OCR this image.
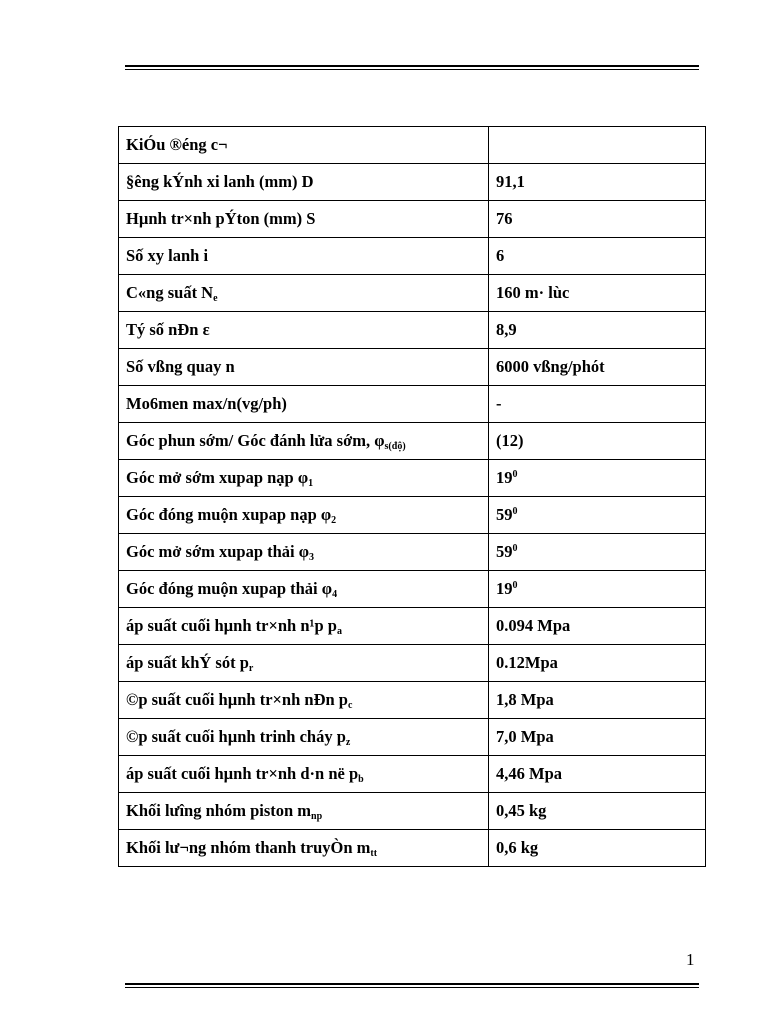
KiÓu ®éng c¬	
§êng kÝnh xi lanh (mm) D	91,1
Hµnh tr×nh pÝton (mm) S	76
Số xy lanh i	6
C«ng suất $N_e$	160 m· lùc
Tý số nÐn ε	8,9
Số vßng quay n	6000 vßng/phót
Mo6men max/n(vg/ph)	-
Góc phun sớm/ Góc đánh lửa sớm, $\varphi_{s(độ)}$	(12)
Góc mở sớm xupap nạp $\varphi_1$	$19^0$
Góc đóng muộn xupap nạp $\varphi_2$	$59^0$
Góc mở sớm xupap thải $\varphi_3$	$59^0$
Góc đóng muộn xupap thải $\varphi_4$	$19^0$
áp suất cuối hµnh tr×nh n¹p $p_a$	0.094 Mpa
áp suất khÝ sót $p_r$	0.12Mpa
©p suất cuối hµnh tr×nh nÐn $p_c$	1,8 Mpa
©p suất cuối hµnh trinh cháy $p_z$	7,0 Mpa
áp suất cuối hµnh tr×nh d·n në $p_b$	4,46 Mpa
Khối lưîng nhóm piston $m_{np}$	0,45 kg
Khối lư¬ng nhóm thanh truyÒn $m_{tt}$	0,6 kg
1
